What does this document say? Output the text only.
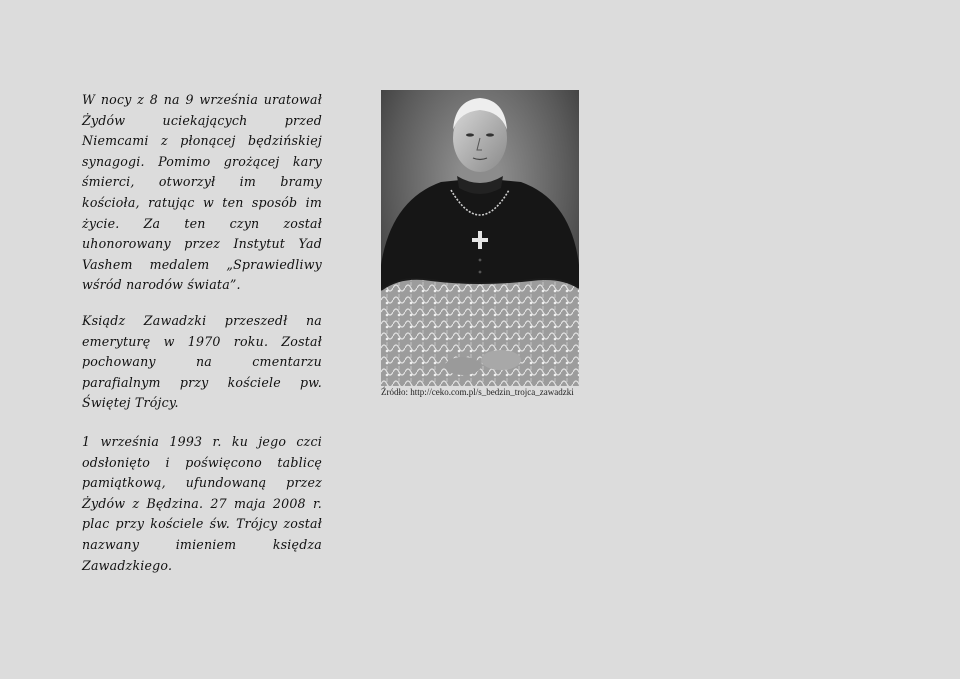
W nocy z 8 na 9 września uratował Żydów uciekających przed Niemcami z płonącej będzińskiej synagogi. Pomimo grożącej kary śmierci, otworzył im bramy kościoła, ratując w ten sposób im życie. Za ten czyn został uhonorowany przez Instytut Yad Vashem medalem „Sprawiedliwy wśród narodów świata”.

Ksiądz Zawadzki przeszedł na emeryturę w 1970 roku. Został pochowany na cmentarzu parafialnym przy kościele pw. Świętej Trójcy.

1 września 1993 r. ku jego czci odsłonięto i poświęcono tablicę pamiątkową, ufundowaną przez Żydów z Będzina. 27 maja 2008 r. plac przy kościele św. Trójcy został nazwany imieniem księdza Zawadzkiego.

Źródło: http://ceko.com.pl/s_bedzin_trojca_zawadzki
